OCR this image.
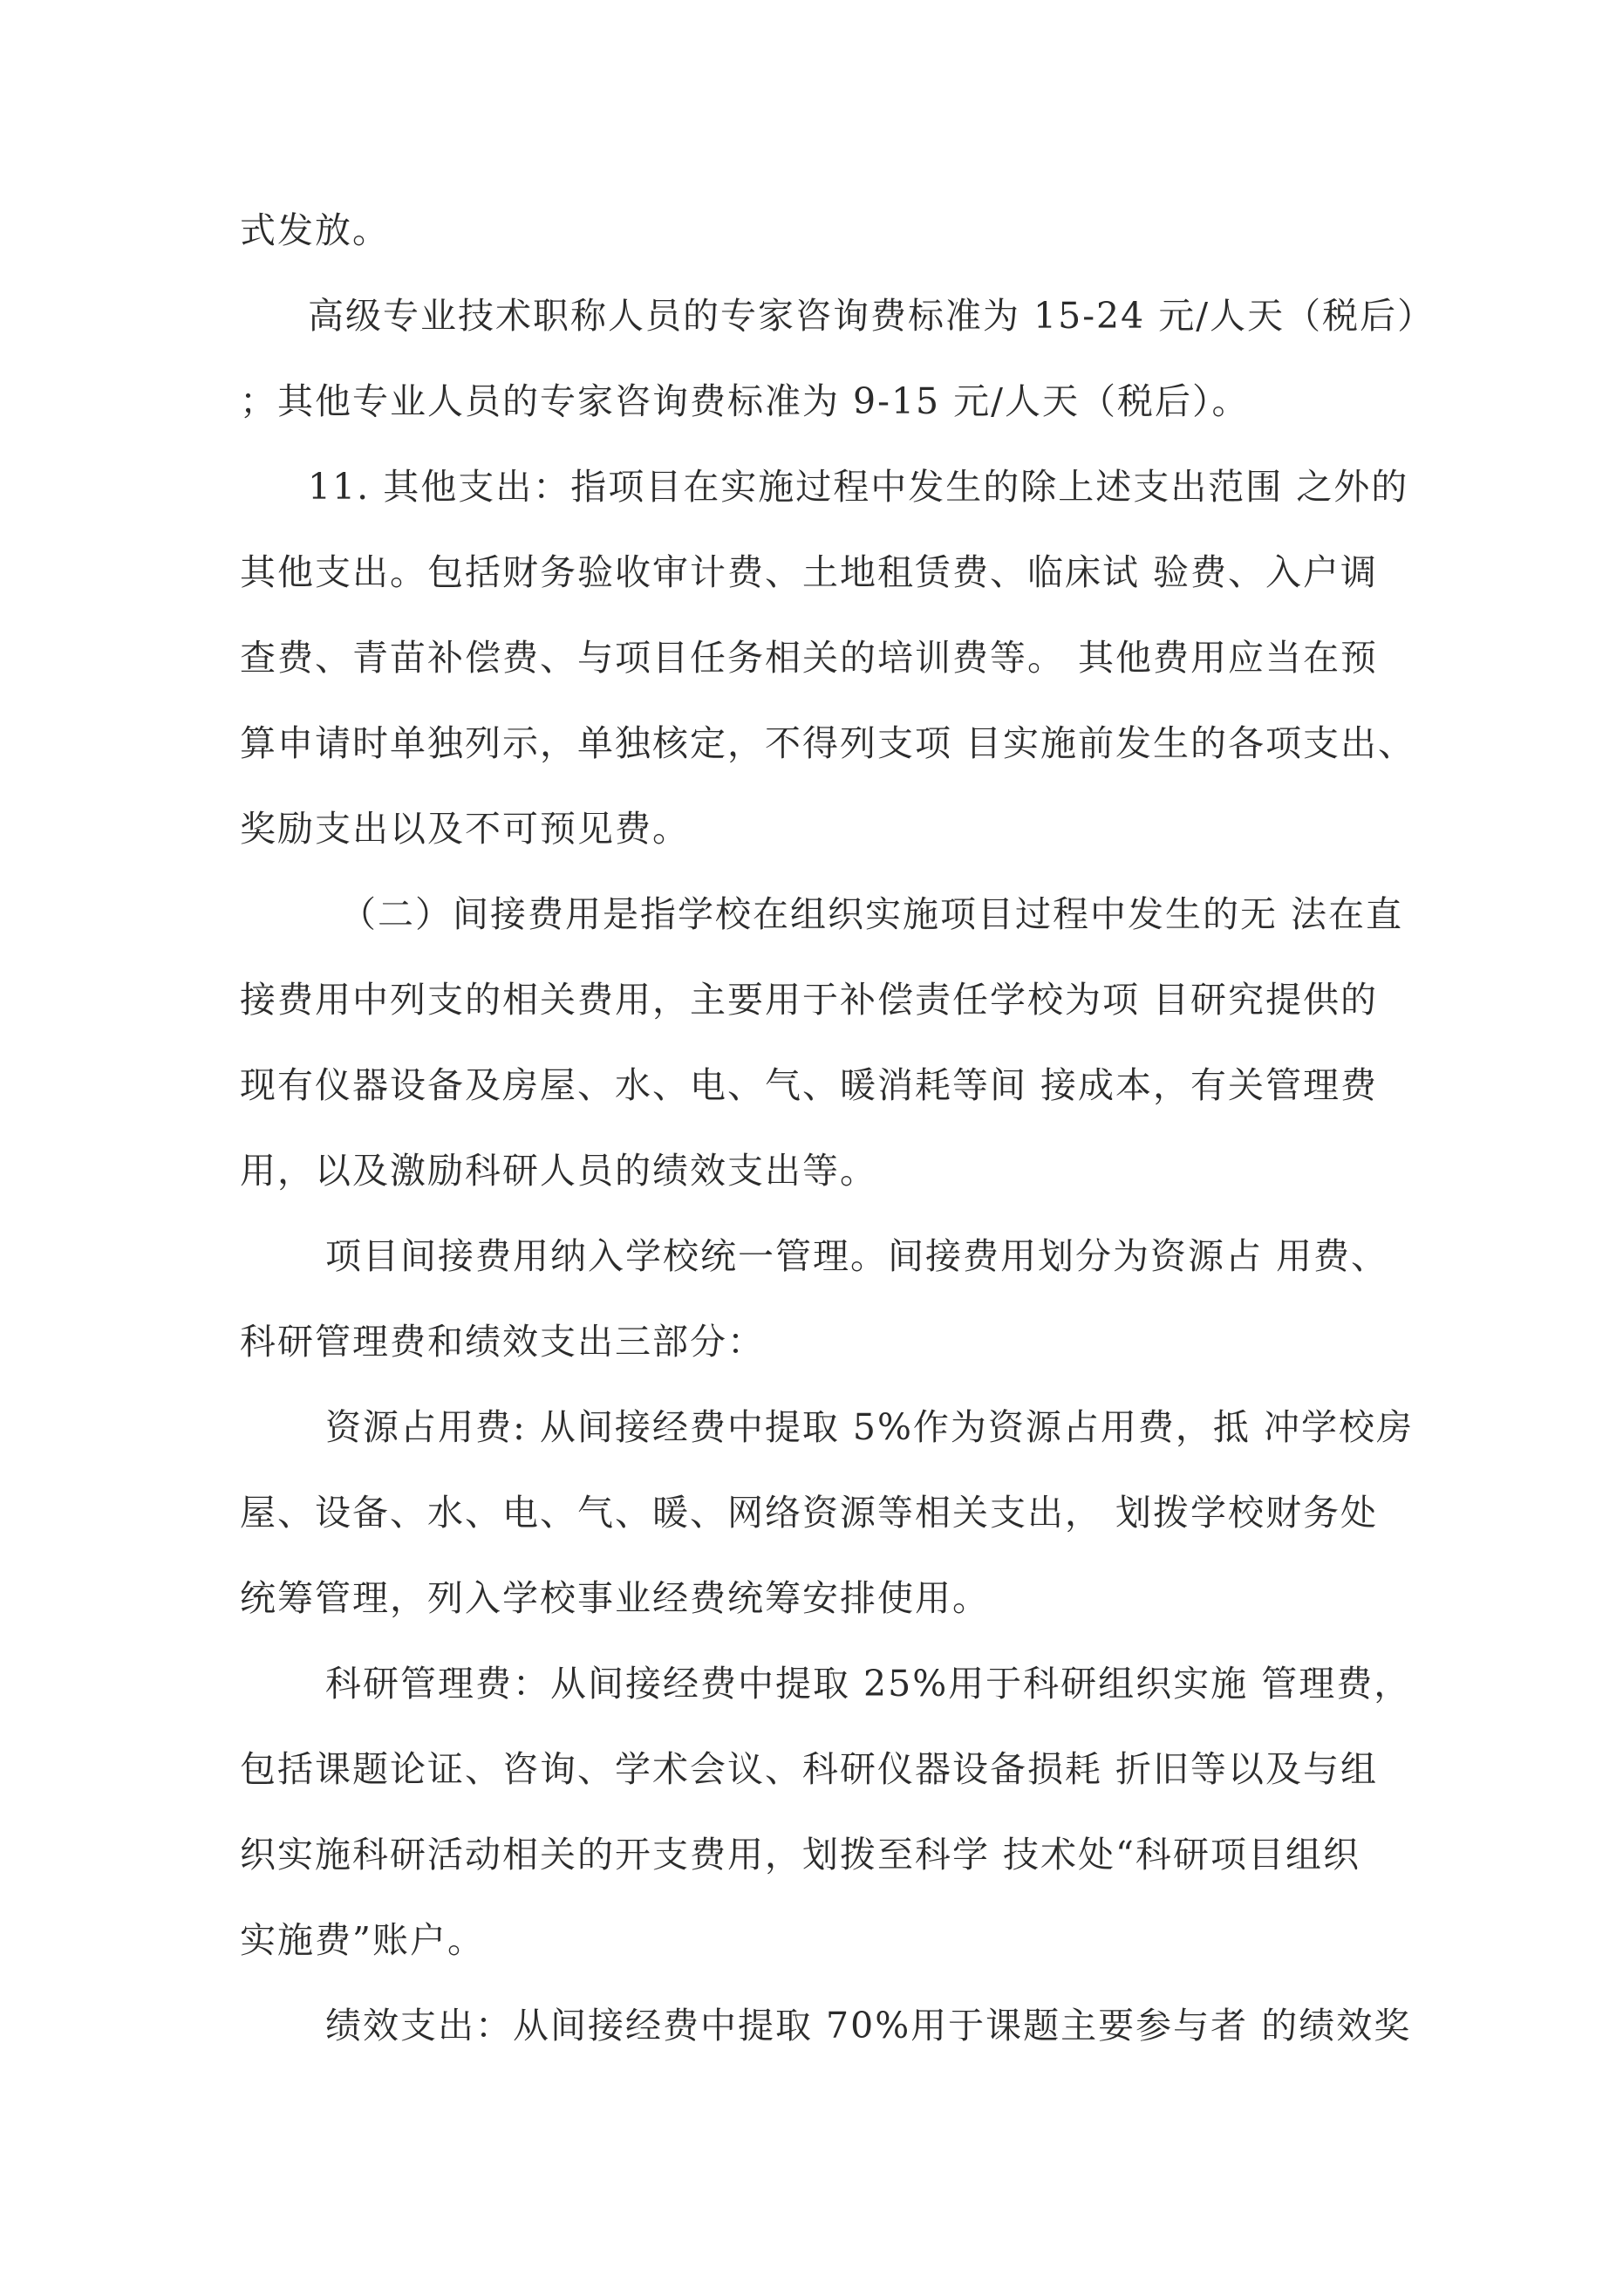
式发放。
高级专业技术职称人员的专家咨询费标准为 15-24 元/人天（税后）
；其他专业人员的专家咨询费标准为 9-15 元/人天（税后）。
11. 其他支出：指项目在实施过程中发生的除上述支出范围 之外的
其他支出。包括财务验收审计费、土地租赁费、临床试 验费、入户调
查费、青苗补偿费、与项目任务相关的培训费等。 其他费用应当在预
算申请时单独列示，单独核定，不得列支项 目实施前发生的各项支出、
奖励支出以及不可预见费。
（二）间接费用是指学校在组织实施项目过程中发生的无 法在直
接费用中列支的相关费用，主要用于补偿责任学校为项 目研究提供的
现有仪器设备及房屋、水、电、气、暖消耗等间 接成本，有关管理费
用，以及激励科研人员的绩效支出等。
项目间接费用纳入学校统一管理。间接费用划分为资源占 用费、
科研管理费和绩效支出三部分：
资源占用费: 从间接经费中提取 5%作为资源占用费，抵 冲学校房
屋、设备、水、电、气、暖、网络资源等相关支出， 划拨学校财务处
统筹管理，列入学校事业经费统筹安排使用。
科研管理费：从间接经费中提取 25%用于科研组织实施 管理费，
包括课题论证、咨询、学术会议、科研仪器设备损耗 折旧等以及与组
织实施科研活动相关的开支费用，划拨至科学 技术处“科研项目组织
实施费”账户。
绩效支出：从间接经费中提取 70%用于课题主要参与者 的绩效奖
